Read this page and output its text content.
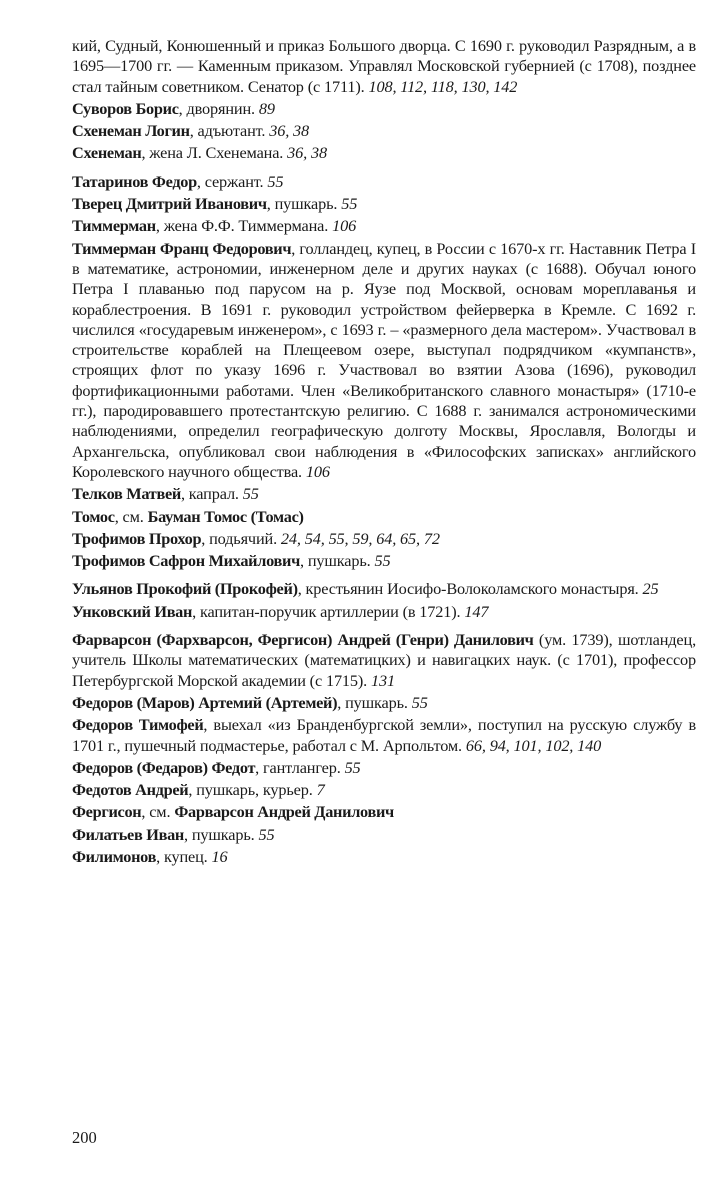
кий, Судный, Конюшенный и приказ Большого дворца. С 1690 г. руководил Разрядным, а в 1695—1700 гг. — Каменным приказом. Управлял Московской губернией (с 1708), позднее стал тайным советником. Сенатор (с 1711). 108, 112, 118, 130, 142

Суворов Борис, дворянин. 89

Схенеман Логин, адъютант. 36, 38

Схенеман, жена Л. Схенемана. 36, 38

Татаринов Федор, сержант. 55

Тверец Дмитрий Иванович, пушкарь. 55

Тиммерман, жена Ф.Ф. Тиммермана. 106

Тиммерман Франц Федорович, голландец, купец, в России с 1670-х гг. Наставник Петра I в математике, астрономии, инженерном деле и других науках (с 1688). Обучал юного Петра I плаванью под парусом на р. Яузе под Москвой, основам мореплаванья и кораблестроения. В 1691 г. руководил устройством фейерверка в Кремле. С 1692 г. числился «государевым инженером», с 1693 г. – «размерного дела мастером». Участвовал в строительстве кораблей на Плещеевом озере, выступал подрядчиком «кумпанств», строящих флот по указу 1696 г. Участвовал во взятии Азова (1696), руководил фортификационными работами. Член «Великобританского славного монастыря» (1710-е гг.), пародировавшего протестантскую религию. С 1688 г. занимался астрономическими наблюдениями, определил географическую долготу Москвы, Ярославля, Вологды и Архангельска, опубликовал свои наблюдения в «Философских записках» английского Королевского научного общества. 106

Телков Матвей, капрал. 55

Томос, см. Бауман Томос (Томас)

Трофимов Прохор, подьячий. 24, 54, 55, 59, 64, 65, 72

Трофимов Сафрон Михайлович, пушкарь. 55

Ульянов Прокофий (Прокофей), крестьянин Иосифо-Волоколамского монастыря. 25

Унковский Иван, капитан-поручик артиллерии (в 1721). 147

Фарварсон (Фархварсон, Фергисон) Андрей (Генри) Данилович (ум. 1739), шотландец, учитель Школы математических (математицких) и навигацких наук. (с 1701), профессор Петербургской Морской академии (с 1715). 131

Федоров (Маров) Артемий (Артемей), пушкарь. 55

Федоров Тимофей, выехал «из Бранденбургской земли», поступил на русскую службу в 1701 г., пушечный подмастерье, работал с М. Арпольтом. 66, 94, 101, 102, 140

Федоров (Федаров) Федот, гантлангер. 55

Федотов Андрей, пушкарь, курьер. 7

Фергисон, см. Фарварсон Андрей Данилович

Филатьев Иван, пушкарь. 55

Филимонов, купец. 16

200
